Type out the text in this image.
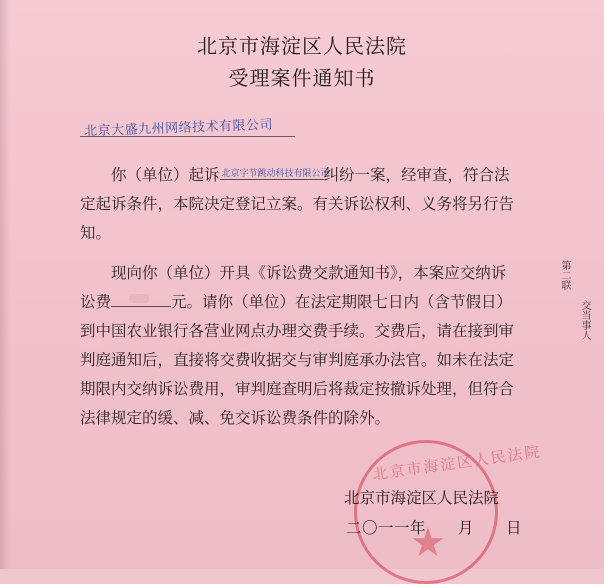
北京市海淀区人民法院
受理案件通知书
北京大盛九州网络技术有限公司
你（单位）起诉 北京字节跳动科技有限公司
纠纷一案，经审查，符合法定起诉条件，本院决定登记立案。有关诉讼权利、义务将另行告知。
现向你（单位）开具《诉讼费交款通知书》，本案应交纳诉讼费	元。请你（单位）在法定期限七日内（含节假日）到中国农业银行各营业网点办理交费手续。交费后，请在接到审判庭通知后，直接将交费收据交与审判庭承办法官。如未在法定期限内交纳诉讼费用，审判庭查明后将裁定按撤诉处理，但符合法律规定的缓、减、免交诉讼费条件的除外。
第二联
交当事人
北京市海淀区人民法院
★
北京市海淀区人民法院
二〇一一年 月 日
